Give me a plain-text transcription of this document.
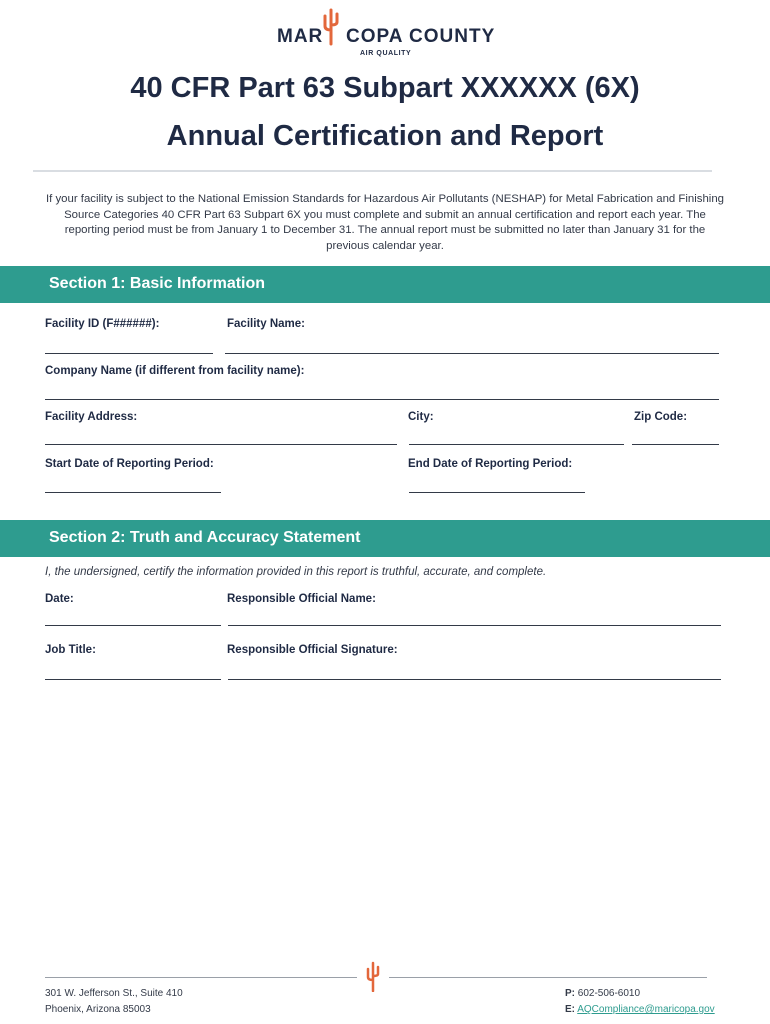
MAR COPA COUNTY
AIR QUALITY
40 CFR Part 63 Subpart XXXXXX (6X)
Annual Certification and Report
If your facility is subject to the National Emission Standards for Hazardous Air Pollutants (NESHAP) for Metal Fabrication and Finishing Source Categories 40 CFR Part 63 Subpart 6X you must complete and submit an annual certification and report each year. The reporting period must be from January 1 to December 31. The annual report must be submitted no later than January 31 for the previous calendar year.
Section 1: Basic Information
Facility ID (F######):	Facility Name:
Company Name (if different from facility name):
Facility Address:	City:	Zip Code:
Start Date of Reporting Period:	End Date of Reporting Period:
Section 2: Truth and Accuracy Statement
I, the undersigned, certify the information provided in this report is truthful, accurate, and complete.
Date:	Responsible Official Name:
Job Title:	Responsible Official Signature:
301 W. Jefferson St., Suite 410
Phoenix, Arizona 85003
P: 602-506-6010
E: AQCompliance@maricopa.gov
